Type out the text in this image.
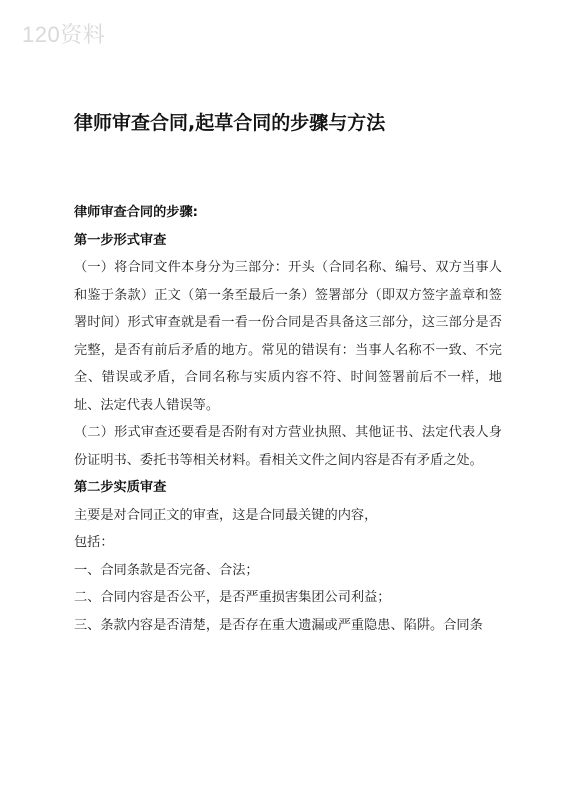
120资料
律师审查合同,起草合同的步骤与方法

律师审查合同的步骤:

第一步形式审查

（一）将合同文件本身分为三部分：开头（合同名称、编号、双方当事人和鉴于条款）正文（第一条至最后一条）签署部分（即双方签字盖章和签署时间）形式审查就是看一看一份合同是否具备这三部分，这三部分是否完整，是否有前后矛盾的地方。常见的错误有：当事人名称不一致、不完全、错误或矛盾，合同名称与实质内容不符、时间签署前后不一样，地址、法定代表人错误等。

（二）形式审查还要看是否附有对方营业执照、其他证书、法定代表人身份证明书、委托书等相关材料。看相关文件之间内容是否有矛盾之处。

第二步实质审查

主要是对合同正文的审查，这是合同最关键的内容，

包括：

一、合同条款是否完备、合法；

二、合同内容是否公平，是否严重损害集团公司利益；

三、条款内容是否清楚，是否存在重大遗漏或严重隐患、陷阱。合同条
